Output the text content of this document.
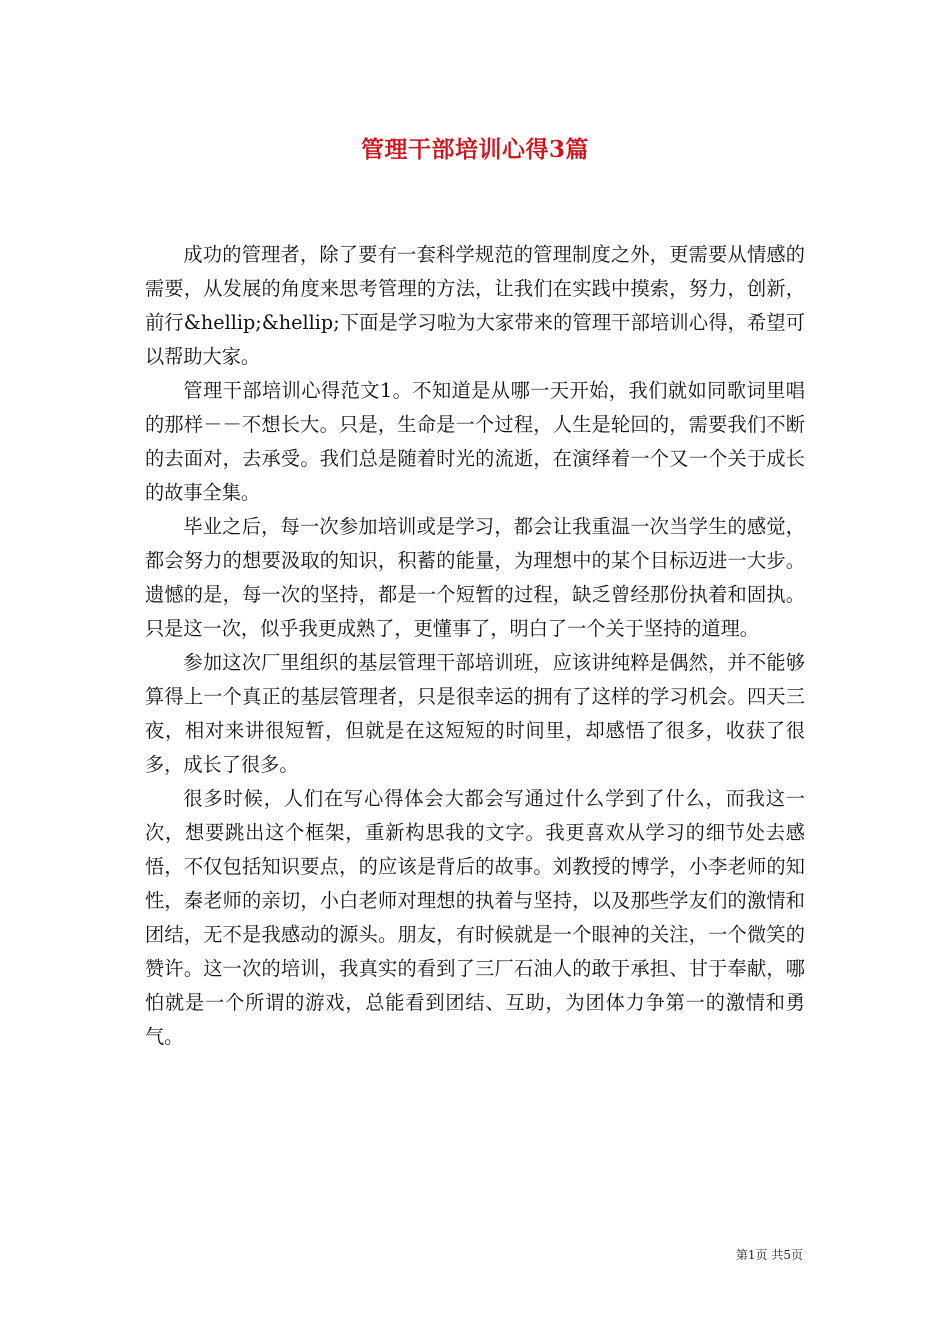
管理干部培训心得3篇

成功的管理者，除了要有一套科学规范的管理制度之外，更需要从情感的需要，从发展的角度来思考管理的方法，让我们在实践中摸索，努力，创新，前行&hellip;&hellip;下面是学习啦为大家带来的管理干部培训心得，希望可以帮助大家。

管理干部培训心得范文1。不知道是从哪一天开始，我们就如同歌词里唱的那样－－不想长大。只是，生命是一个过程，人生是轮回的，需要我们不断的去面对，去承受。我们总是随着时光的流逝，在演绎着一个又一个关于成长的故事全集。

毕业之后，每一次参加培训或是学习，都会让我重温一次当学生的感觉，都会努力的想要汲取的知识，积蓄的能量，为理想中的某个目标迈进一大步。遗憾的是，每一次的坚持，都是一个短暂的过程，缺乏曾经那份执着和固执。只是这一次，似乎我更成熟了，更懂事了，明白了一个关于坚持的道理。

参加这次厂里组织的基层管理干部培训班，应该讲纯粹是偶然，并不能够算得上一个真正的基层管理者，只是很幸运的拥有了这样的学习机会。四天三夜，相对来讲很短暂，但就是在这短短的时间里，却感悟了很多，收获了很多，成长了很多。

很多时候，人们在写心得体会大都会写通过什么学到了什么，而我这一次，想要跳出这个框架，重新构思我的文字。我更喜欢从学习的细节处去感悟，不仅包括知识要点，的应该是背后的故事。刘教授的博学，小李老师的知性，秦老师的亲切，小白老师对理想的执着与坚持，以及那些学友们的激情和团结，无不是我感动的源头。朋友，有时候就是一个眼神的关注，一个微笑的赞许。这一次的培训，我真实的看到了三厂石油人的敢于承担、甘于奉献，哪怕就是一个所谓的游戏，总能看到团结、互助，为团体力争第一的激情和勇气。

第1页 共5页
